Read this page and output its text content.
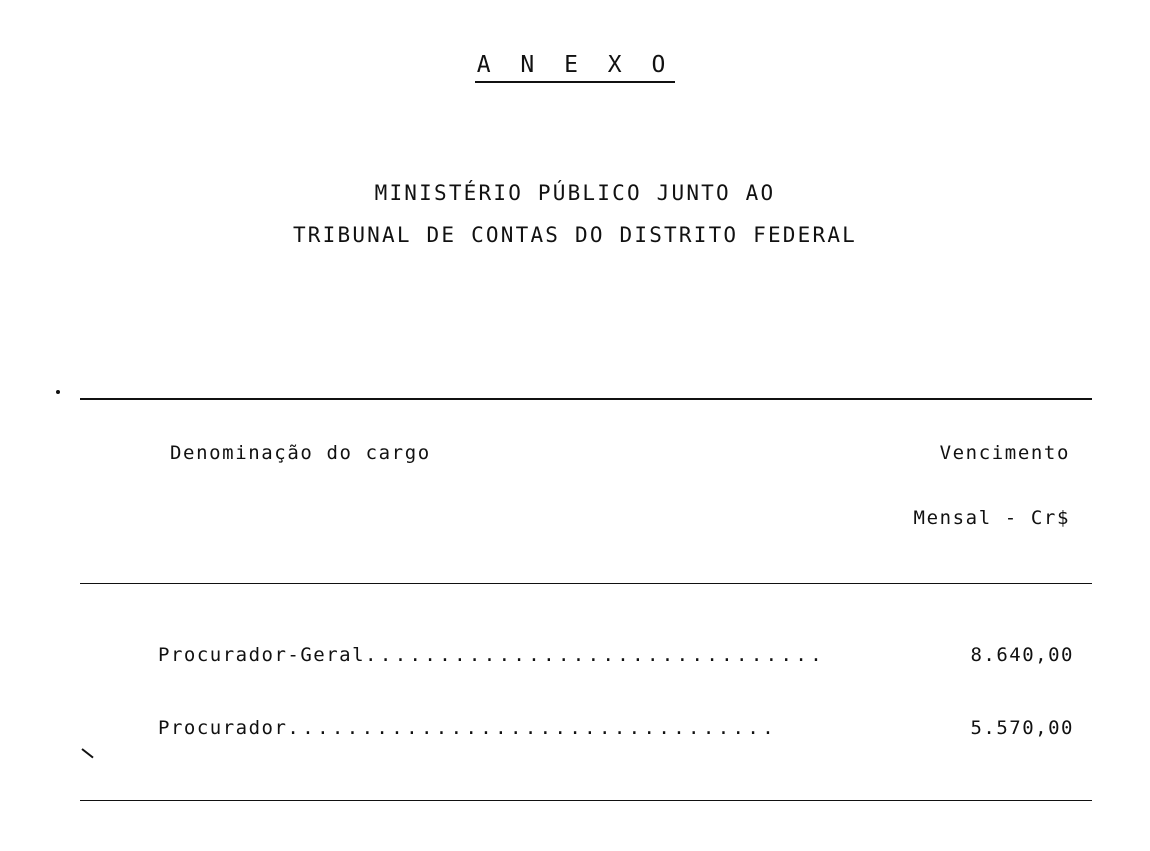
A N E X O
MINISTÉRIO PÚBLICO JUNTO AO
TRIBUNAL DE CONTAS DO DISTRITO FEDERAL
Denominação do cargo	Vencimento
Mensal - Cr$
Procurador-Geral...............................	8.640,00
Procurador.................................	5.570,00
